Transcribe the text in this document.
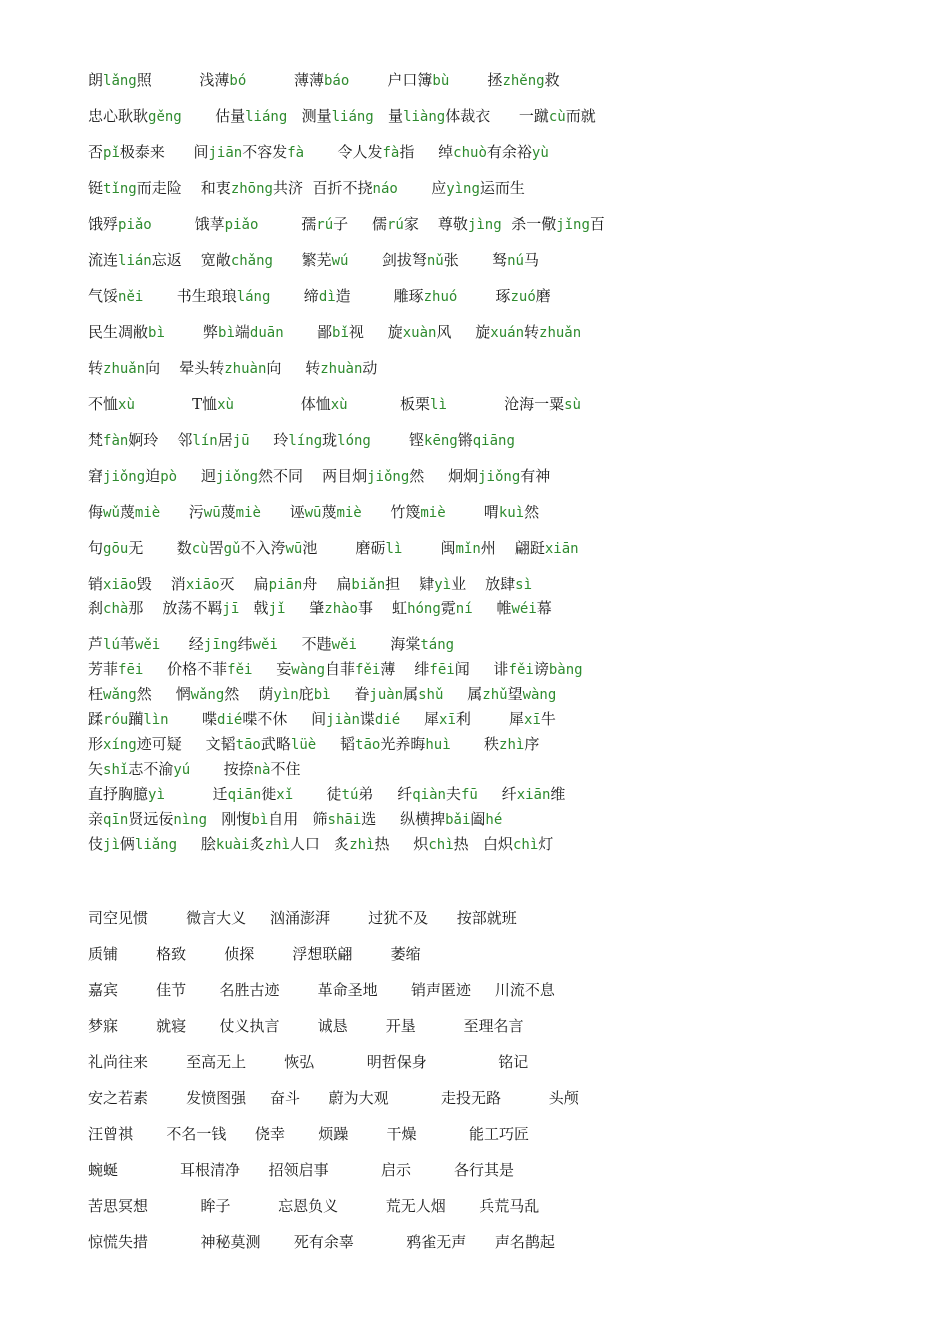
朗lǎng照          浅薄bó          薄薄báo        户口簿bù        拯zhěng救
忠心耿耿gěng       估量liáng   测量liáng   量liàng体裁衣      一蹴cù而就
否pǐ极泰来      间jiān不容发fà       令人发fà指     绰chuò有余裕yù
铤tǐng而走险    和衷zhōng共济  百折不挠náo       应yìng运而生
饿殍piǎo         饿莩piǎo         孺rú子     儒rú家    尊敬jìng  杀一儆jǐng百
流连lián忘返    宽敞chǎng      繁芜wú       剑拔弩nǔ张       驽nú马
气馁něi       书生琅琅láng       缔dì造         雕琢zhuó        琢zuó磨
民生凋敝bì        弊bì端duān       鄙bǐ视     旋xuàn风     旋xuán转zhuǎn
转zhuǎn向    晕头转zhuàn向     转zhuàn动
不恤xù            T恤xù              体恤xù           板栗lì            沧海一粟sù
梵fàn婀玲    邻lín居jū     玲líng珑lóng        铿kēng锵qiāng
窘jiǒng迫pò     迥jiǒng然不同    两目炯jiǒng然     炯炯jiǒng有神
侮wǔ蔑miè      污wū蔑miè      诬wū蔑miè      竹篾miè        喟kuì然
句gōu无       数cù罟gǔ不入洿wū池        磨砺lì        闽mǐn州    翩跹xiān
销xiāo毁    消xiāo灭    扁piān舟    扁biǎn担    肄yì业    放肆sì
刹chà那    放荡不羁jī   戟jǐ     肇zhào事    虹hóng霓ní     帷wéi幕
芦lú苇wěi      经jīng纬wěi     不韪wěi       海棠táng
芳菲fēi     价格不菲fěi     妄wàng自菲fěi薄    绯fēi闻     诽fěi谤bàng
枉wǎng然     惘wǎng然    荫yìn庇bì     眷juàn属shǔ     属zhǔ望wàng
蹂róu躏lìn       喋dié喋不休     间jiàn谍dié     犀xī利        犀xī牛
形xíng迹可疑     文韬tāo武略lüè     韬tāo光养晦huì       秩zhì序
矢shǐ志不渝yú       按捺nà不住
直抒胸臆yì          迁qiān徙xǐ       徒tú弟     纤qiàn夫fū     纤xiān维
亲qīn贤远佞nìng   刚愎bì自用   筛shāi选     纵横捭bǎi阖hé
伎jì俩liǎng     脍kuài炙zhì人口   炙zhì热     炽chì热   白炽chì灯
司空见惯        微言大义     汹涌澎湃        过犹不及      按部就班
质铺        格致        侦探        浮想联翩        萎缩
嘉宾        佳节       名胜古迹        革命圣地       销声匿迹     川流不息
梦寐        就寝       仗义执言        诚恳        开垦          至理名言
礼尚往来        至高无上        恢弘           明哲保身               铭记
安之若素        发愤图强     奋斗      蔚为大观           走投无路          头颅
汪曾祺       不名一钱      侥幸       烦躁        干燥           能工巧匠
蜿蜒             耳根清净      招领启事           启示         各行其是
苦思冥想           眸子          忘恩负义          荒无人烟       兵荒马乱
惊慌失措           神秘莫测       死有余辜           鸦雀无声      声名鹊起
